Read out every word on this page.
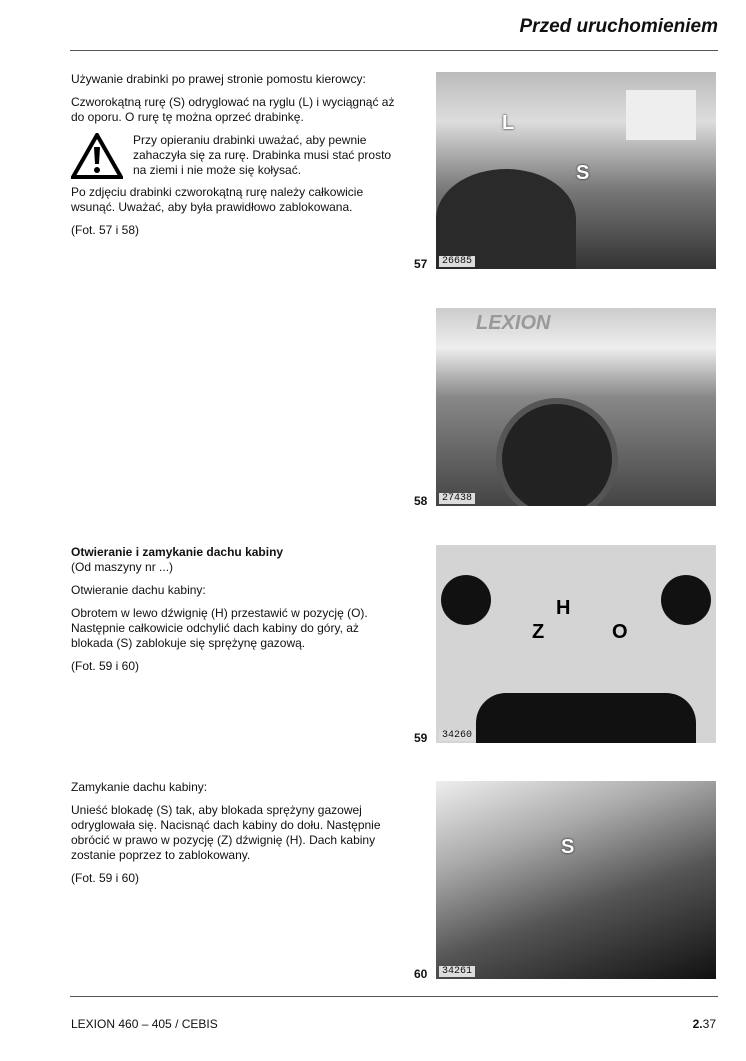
Przed uruchomieniem

Używanie drabinki po prawej stronie pomostu kierowcy:

Czworokątną rurę (S) odryglować na ryglu (L) i wyciągnąć aż do oporu. O rurę tę można oprzeć drabinkę.

Przy opieraniu drabinki uważać, aby pewnie zahaczyła się za rurę. Drabinka musi stać prosto na ziemi i nie może się kołysać.

Po zdjęciu drabinki czworokątną rurę należy całkowicie wsunąć. Uważać, aby była prawidłowo zablokowana.

(Fot. 57 i 58)

Otwieranie i zamykanie dachu kabiny

(Od maszyny nr ...)

Otwieranie dachu kabiny:

Obrotem w lewo dźwignię (H) przestawić w pozycję (O). Następnie całkowicie odchylić dach kabiny do góry, aż blokada (S) zablokuje się sprężynę gazową.

(Fot. 59 i 60)

Zamykanie dachu kabiny:

Unieść blokadę (S) tak, aby blokada sprężyny gazowej odryglowała się. Nacisnąć dach kabiny do dołu. Następnie obrócić w prawo w pozycję (Z) dźwignię (H). Dach kabiny zostanie poprzez to zablokowany.

(Fot. 59 i 60)

L
S
26685
57
LEXION
27438
58
H
Z	O
34260
59
S
34261
60
LEXION 460 – 405 / CEBIS	2.37
